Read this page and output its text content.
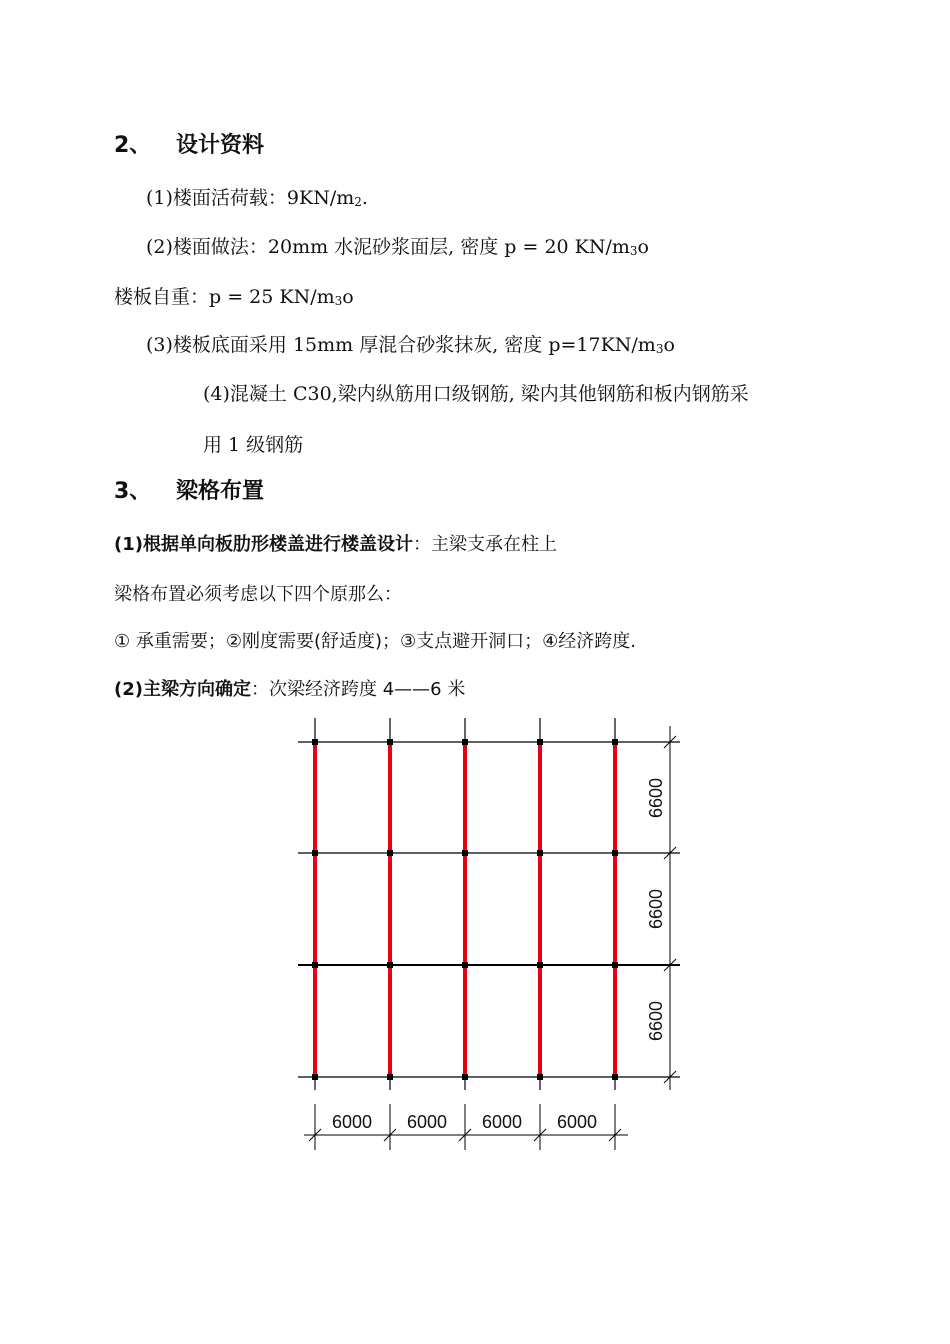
2、 设计资料
(1)楼面活荷载：$9KN/m_2$.
(2)楼面做法：20mm 水泥砂浆面层, 密度 p = 20 $KN/m_3o$
楼板自重：p = 25 $KN/m_3o$
(3)楼板底面采用 15mm 厚混合砂浆抹灰, 密度 $p=17KN/m_3o$
(4)混凝土 C30,梁内纵筋用口级钢筋, 梁内其他钢筋和板内钢筋采
用 1 级钢筋
3、 梁格布置
(1)根据单向板肋形楼盖进行楼盖设计：主梁支承在柱上
梁格布置必须考虑以下四个原那么：
① 承重需要；②刚度需要(舒适度)；③支点避开洞口；④经济跨度.
(2)主梁方向确定：次梁经济跨度 4——6 米
6600
6600
6600
6000 6000 6000 6000
